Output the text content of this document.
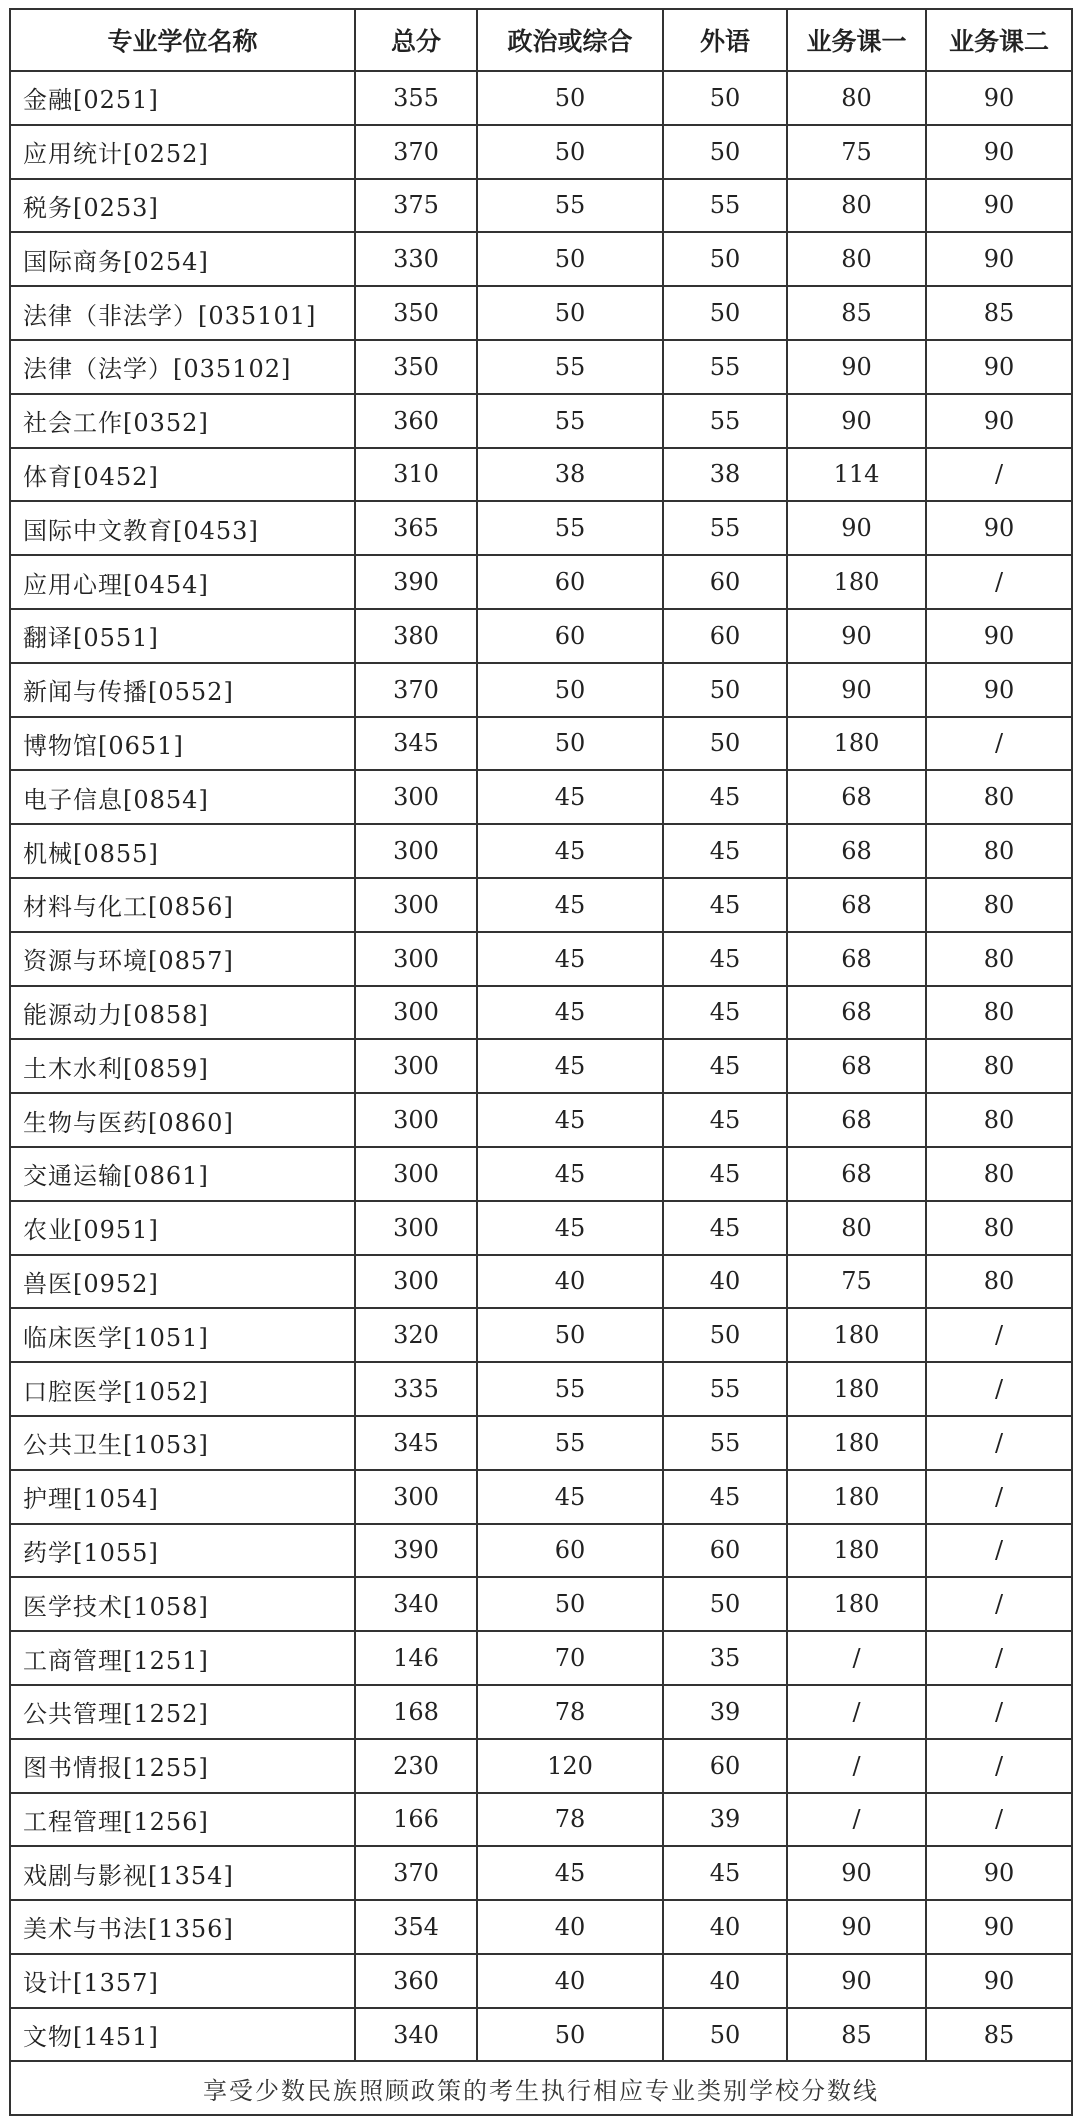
专业学位名称	总分	政治或综合	外语	业务课一	业务课二
金融[0251]	355	50	50	80	90
应用统计[0252]	370	50	50	75	90
税务[0253]	375	55	55	80	90
国际商务[0254]	330	50	50	80	90
法律（非法学）[035101]	350	50	50	85	85
法律（法学）[035102]	350	55	55	90	90
社会工作[0352]	360	55	55	90	90
体育[0452]	310	38	38	114	/
国际中文教育[0453]	365	55	55	90	90
应用心理[0454]	390	60	60	180	/
翻译[0551]	380	60	60	90	90
新闻与传播[0552]	370	50	50	90	90
博物馆[0651]	345	50	50	180	/
电子信息[0854]	300	45	45	68	80
机械[0855]	300	45	45	68	80
材料与化工[0856]	300	45	45	68	80
资源与环境[0857]	300	45	45	68	80
能源动力[0858]	300	45	45	68	80
土木水利[0859]	300	45	45	68	80
生物与医药[0860]	300	45	45	68	80
交通运输[0861]	300	45	45	68	80
农业[0951]	300	45	45	80	80
兽医[0952]	300	40	40	75	80
临床医学[1051]	320	50	50	180	/
口腔医学[1052]	335	55	55	180	/
公共卫生[1053]	345	55	55	180	/
护理[1054]	300	45	45	180	/
药学[1055]	390	60	60	180	/
医学技术[1058]	340	50	50	180	/
工商管理[1251]	146	70	35	/	/
公共管理[1252]	168	78	39	/	/
图书情报[1255]	230	120	60	/	/
工程管理[1256]	166	78	39	/	/
戏剧与影视[1354]	370	45	45	90	90
美术与书法[1356]	354	40	40	90	90
设计[1357]	360	40	40	90	90
文物[1451]	340	50	50	85	85
享受少数民族照顾政策的考生执行相应专业类别学校分数线					
